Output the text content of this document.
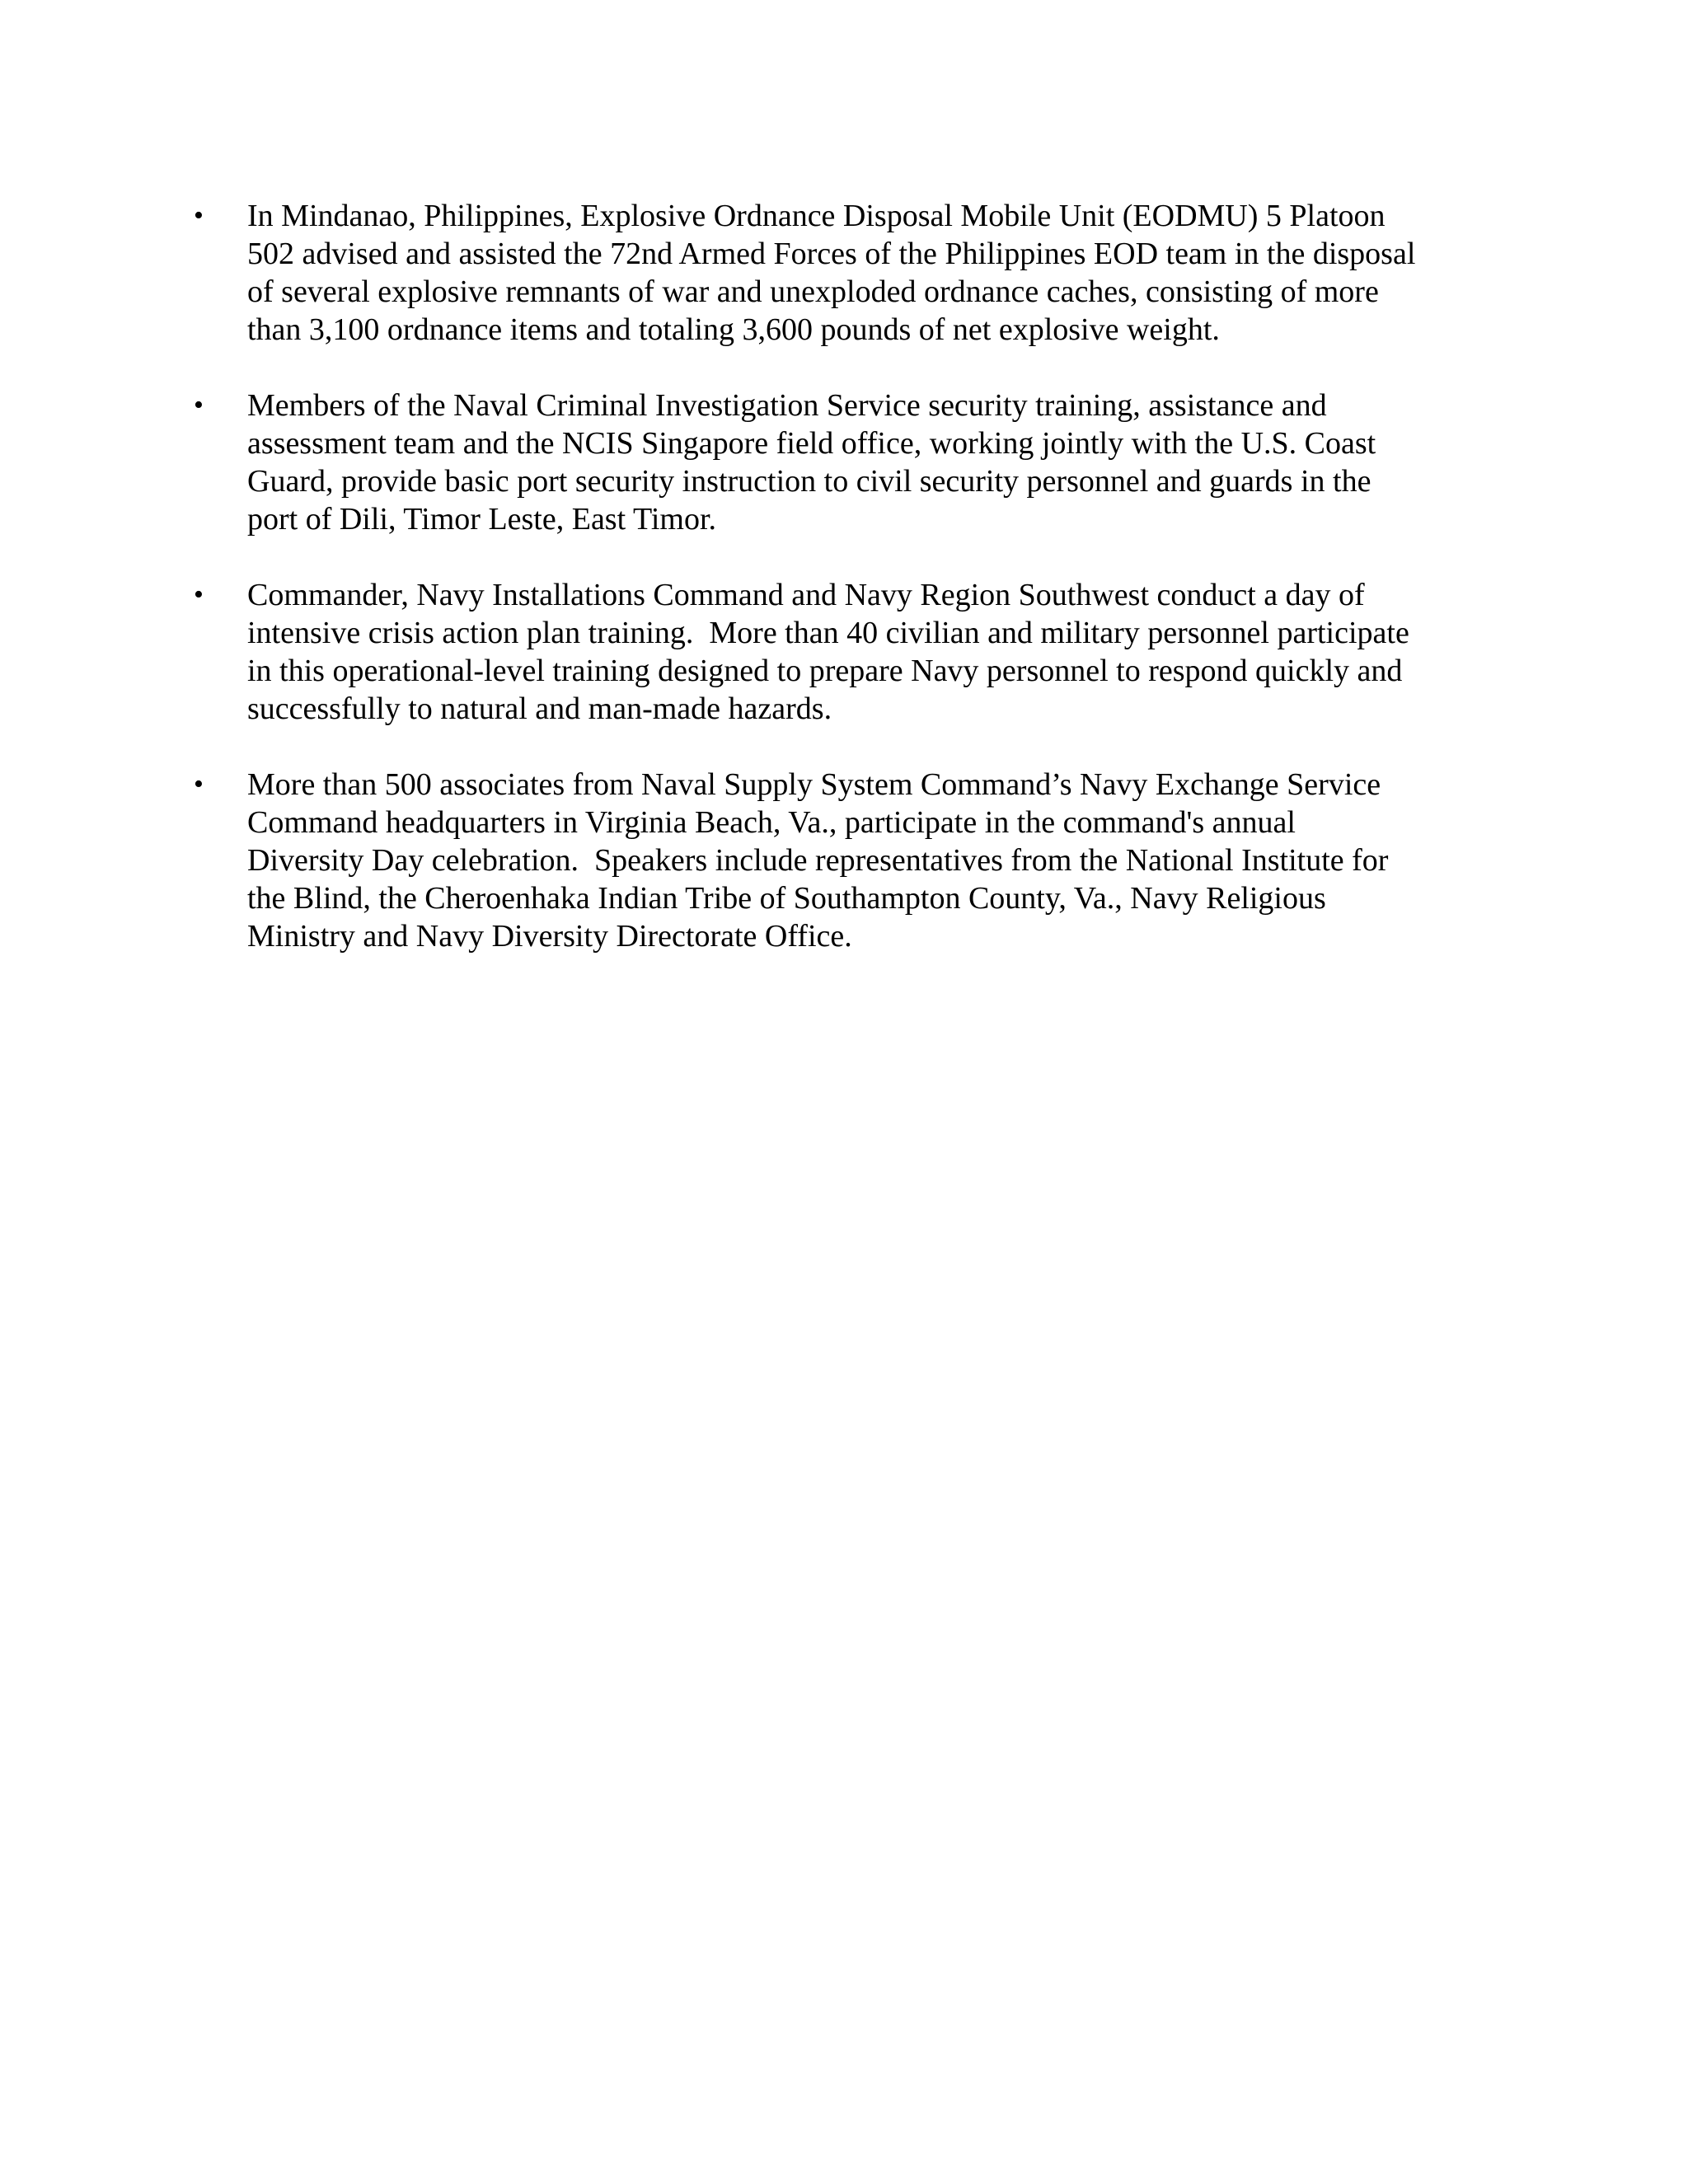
• In Mindanao, Philippines, Explosive Ordnance Disposal Mobile Unit (EODMU) 5 Platoon
502 advised and assisted the 72nd Armed Forces of the Philippines EOD team in the disposal
of several explosive remnants of war and unexploded ordnance caches, consisting of more
than 3,100 ordnance items and totaling 3,600 pounds of net explosive weight.
• Members of the Naval Criminal Investigation Service security training, assistance and
assessment team and the NCIS Singapore field office, working jointly with the U.S. Coast
Guard, provide basic port security instruction to civil security personnel and guards in the
port of Dili, Timor Leste, East Timor.
• Commander, Navy Installations Command and Navy Region Southwest conduct a day of
intensive crisis action plan training.  More than 40 civilian and military personnel participate
in this operational-level training designed to prepare Navy personnel to respond quickly and
successfully to natural and man-made hazards.
• More than 500 associates from Naval Supply System Command’s Navy Exchange Service
Command headquarters in Virginia Beach, Va., participate in the command's annual
Diversity Day celebration.  Speakers include representatives from the National Institute for
the Blind, the Cheroenhaka Indian Tribe of Southampton County, Va., Navy Religious
Ministry and Navy Diversity Directorate Office.
